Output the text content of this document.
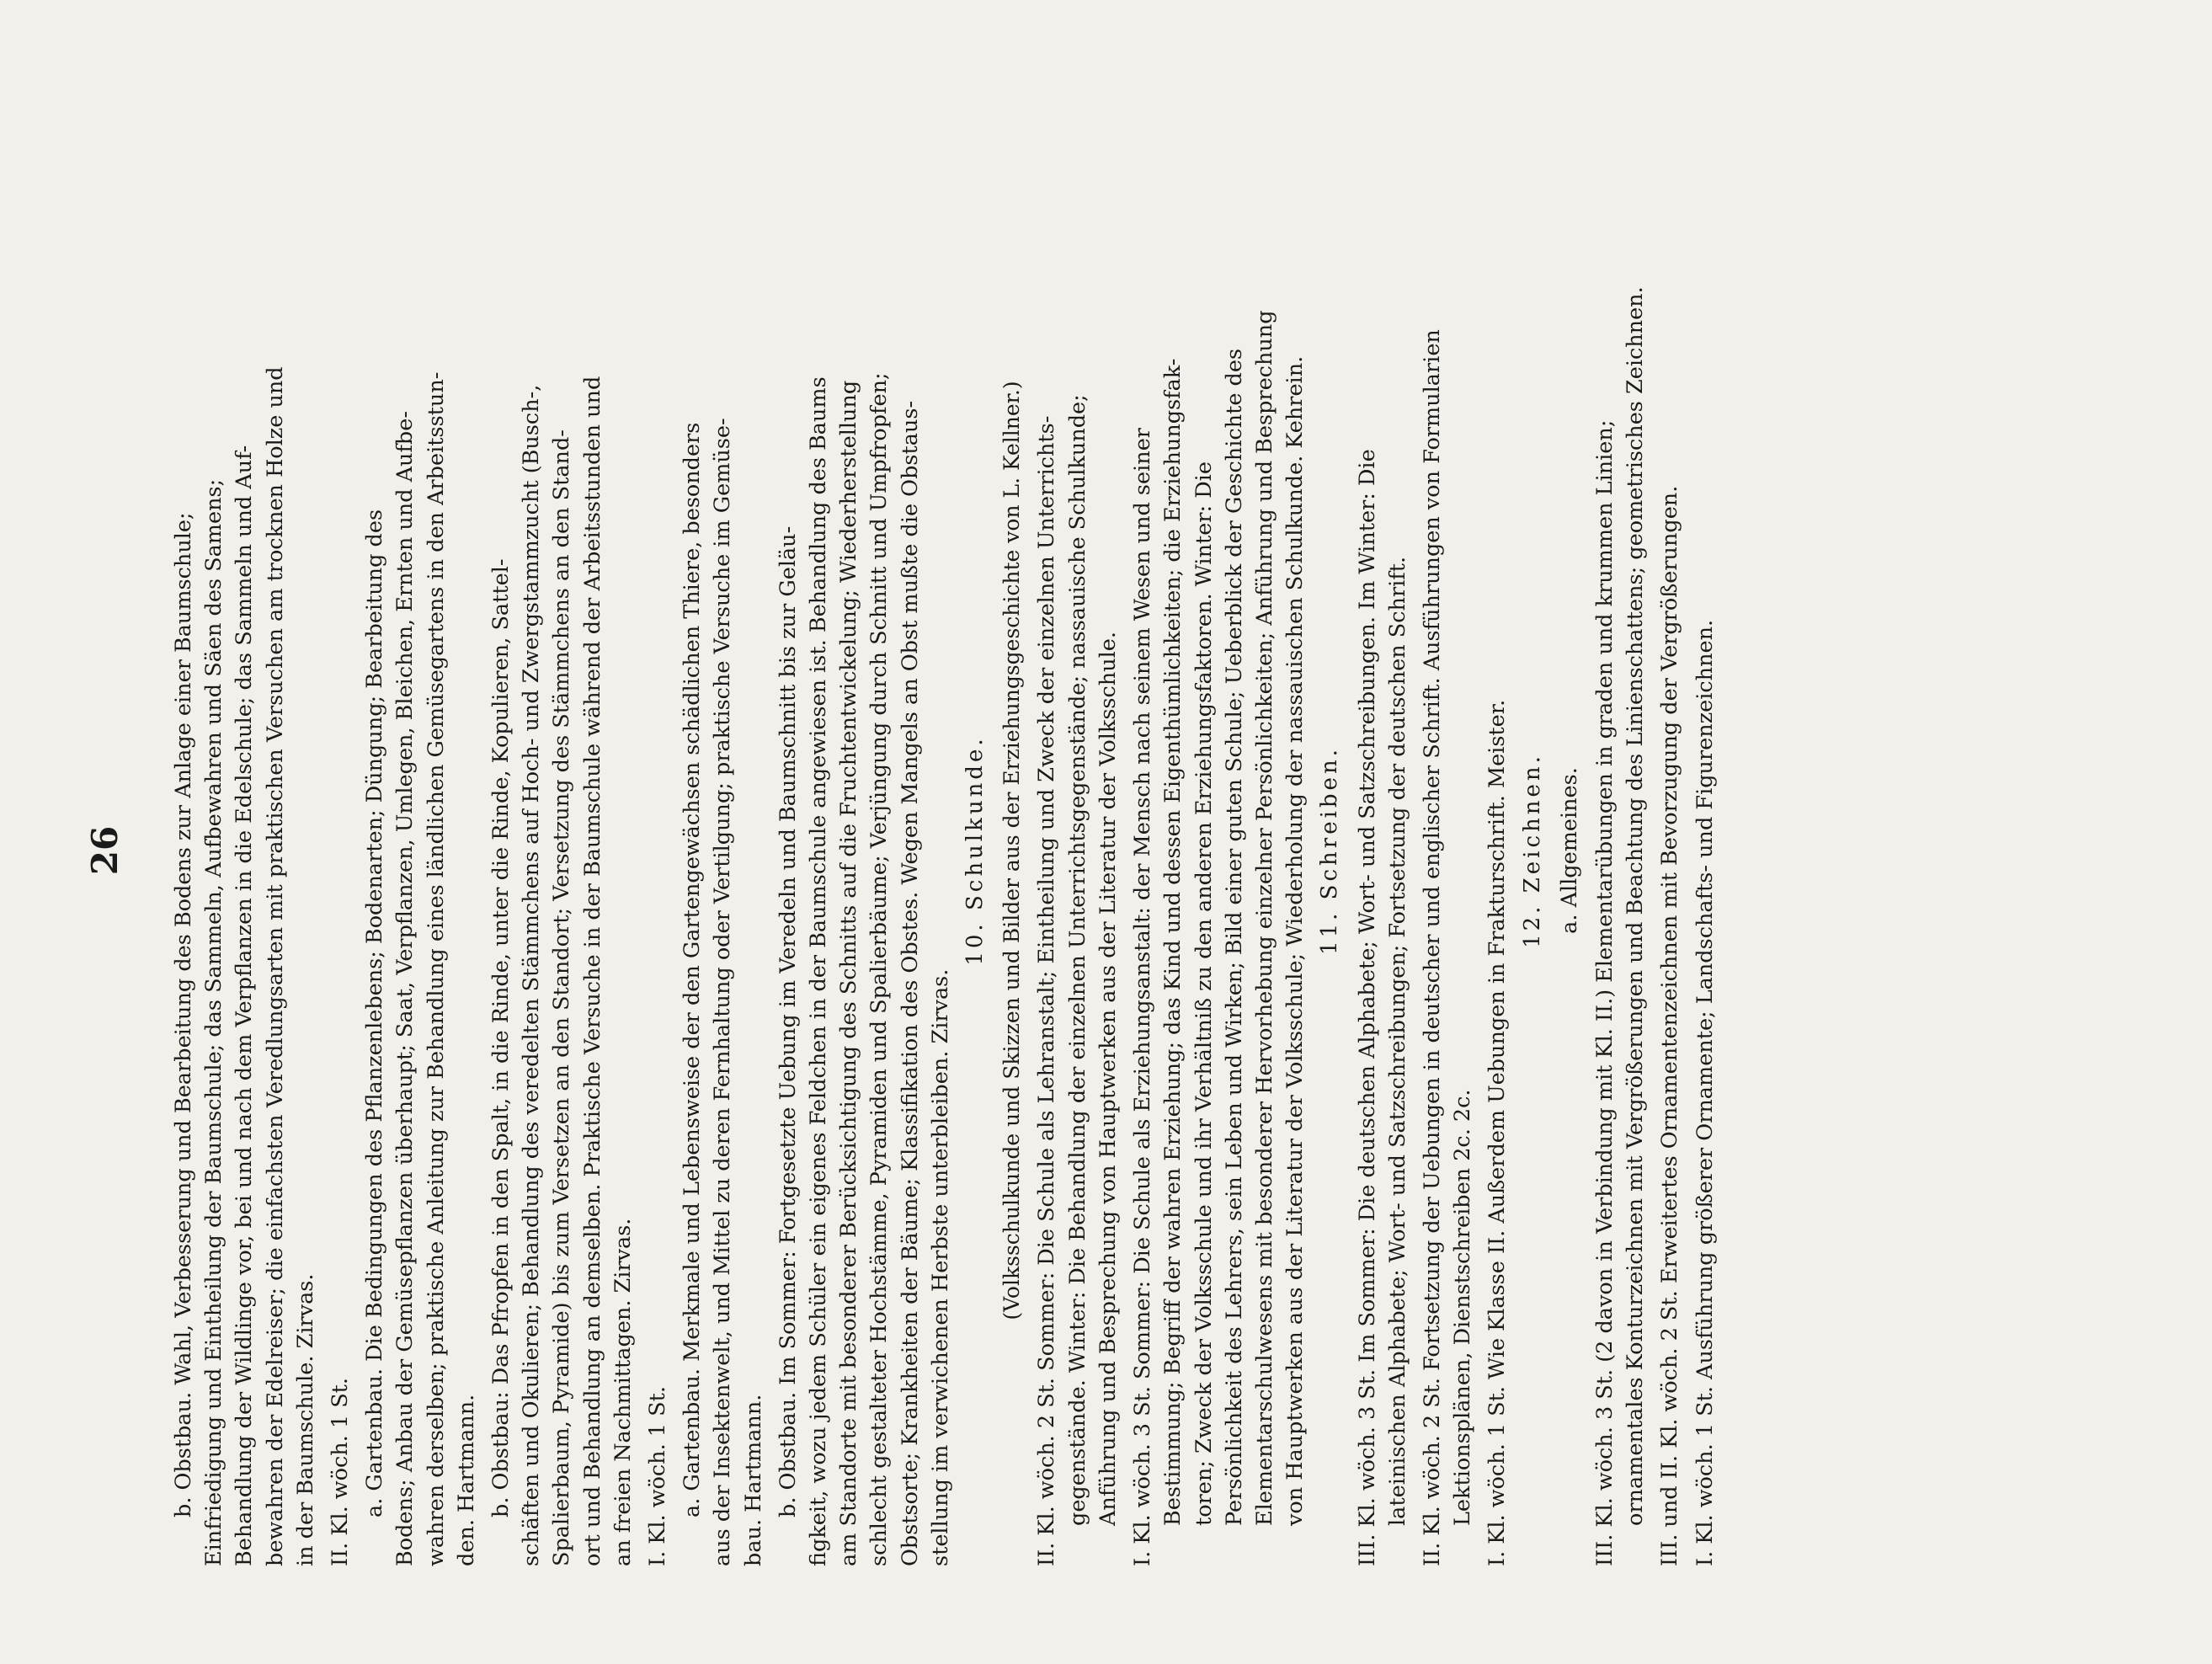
26 b. Obstbau. Wahl, Verbesserung und Bearbeitung des Bodens zur Anlage einer Baumschule; Einfriedigung und Eintheilung der Baumschule; das Sammeln, Aufbewahren und Säen des Samens; Behandlung der Wildlinge vor, bei und nach dem Verpflanzen in die Edelschule; das Sammeln und Auf- bewahren der Edelreiser; die einfachsten Veredlungsarten mit praktischen Versuchen am trocknen Holze und in der Baumschule. Zirvas. II. Kl. wöch. 1 St. a. Gartenbau. Die Bedingungen des Pflanzenlebens; Bodenarten; Düngung; Bearbeitung des Bodens; Anbau der Gemüsepflanzen überhaupt; Saat, Verpflanzen, Umlegen, Bleichen, Ernten und Aufbe- wahren derselben; praktische Anleitung zur Behandlung eines ländlichen Gemüsegartens in den Arbeitsstun- den. Hartmann. b. Obstbau: Das Pfropfen in den Spalt, in die Rinde, unter die Rinde, Kopulieren, Sattel- schäften und Okulieren; Behandlung des veredelten Stämmchens auf Hoch- und Zwergstammzucht (Busch-, Spalierbaum, Pyramide) bis zum Versetzen an den Standort; Versetzung des Stämmchens an den Stand- ort und Behandlung an demselben. Praktische Versuche in der Baumschule während der Arbeitsstunden und an freien Nachmittagen. Zirvas. I. Kl. wöch. 1 St. a. Gartenbau. Merkmale und Lebensweise der den Gartengewächsen schädlichen Thiere, besonders aus der Insektenwelt, und Mittel zu deren Fernhaltung oder Vertilgung; praktische Versuche im Gemüse- bau. Hartmann. b. Obstbau. Im Sommer: Fortgesetzte Uebung im Veredeln und Baumschnitt bis zur Geläu- figkeit, wozu jedem Schüler ein eigenes Feldchen in der Baumschule angewiesen ist. Behandlung des Baums am Standorte mit besonderer Berücksichtigung des Schnitts auf die Fruchtentwickelung; Wiederherstellung schlecht gestalteter Hochstämme, Pyramiden und Spalierbäume; Verjüngung durch Schnitt und Umpfropfen; Obstsorte; Krankheiten der Bäume; Klassifikation des Obstes. Wegen Mangels an Obst mußte die Obstaus- stellung im verwichenen Herbste unterbleiben. Zirvas.
10. Schulkunde. (Volksschulkunde und Skizzen und Bilder aus der Erziehungsgeschichte von L. Kellner.) II. Kl. wöch. 2 St. Sommer: Die Schule als Lehranstalt; Eintheilung und Zweck der einzelnen Unterrichts- gegenstände. Winter: Die Behandlung der einzelnen Unterrichtsgegenstände; nassauische Schulkunde; Anführung und Besprechung von Hauptwerken aus der Literatur der Volksschule. I. Kl. wöch. 3 St. Sommer: Die Schule als Erziehungsanstalt: der Mensch nach seinem Wesen und seiner Bestimmung; Begriff der wahren Erziehung; das Kind und dessen Eigenthümlichkeiten; die Erziehungsfak- toren; Zweck der Volksschule und ihr Verhältniß zu den anderen Erziehungsfaktoren. Winter: Die Persönlichkeit des Lehrers, sein Leben und Wirken; Bild einer guten Schule; Ueberblick der Geschichte des Elementarschulwesens mit besonderer Hervorhebung einzelner Persönlichkeiten; Anführung und Besprechung von Hauptwerken aus der Literatur der Volksschule; Wiederholung der nassauischen Schulkunde. Kehrein. 11. Schreiben. III. Kl. wöch. 3 St. Im Sommer: Die deutschen Alphabete; Wort- und Satzschreibungen. Im Winter: Die lateinischen Alphabete; Wort- und Satzschreibungen; Fortsetzung der deutschen Schrift. II. Kl. wöch. 2 St. Fortsetzung der Uebungen in deutscher und englischer Schrift. Ausführungen von Formularien Lektionsplänen, Dienstschreiben 2c. 2c. I. Kl. wöch. 1 St. Wie Klasse II. Außerdem Uebungen in Frakturschrift. Meister. 12. Zeichnen. a. Allgemeines. III. Kl. wöch. 3 St. (2 davon in Verbindung mit Kl. II.) Elementarübungen in graden und krummen Linien; ornamentales Konturzeichnen mit Vergrößerungen und Beachtung des Linienschattens; geometrisches Zeichnen. III. und II. Kl. wöch. 2 St. Erweitertes Ornamentenzeichnen mit Bevorzugung der Vergrößerungen. I. Kl. wöch. 1 St. Ausführung größerer Ornamente; Landschafts- und Figurenzeichnen.
